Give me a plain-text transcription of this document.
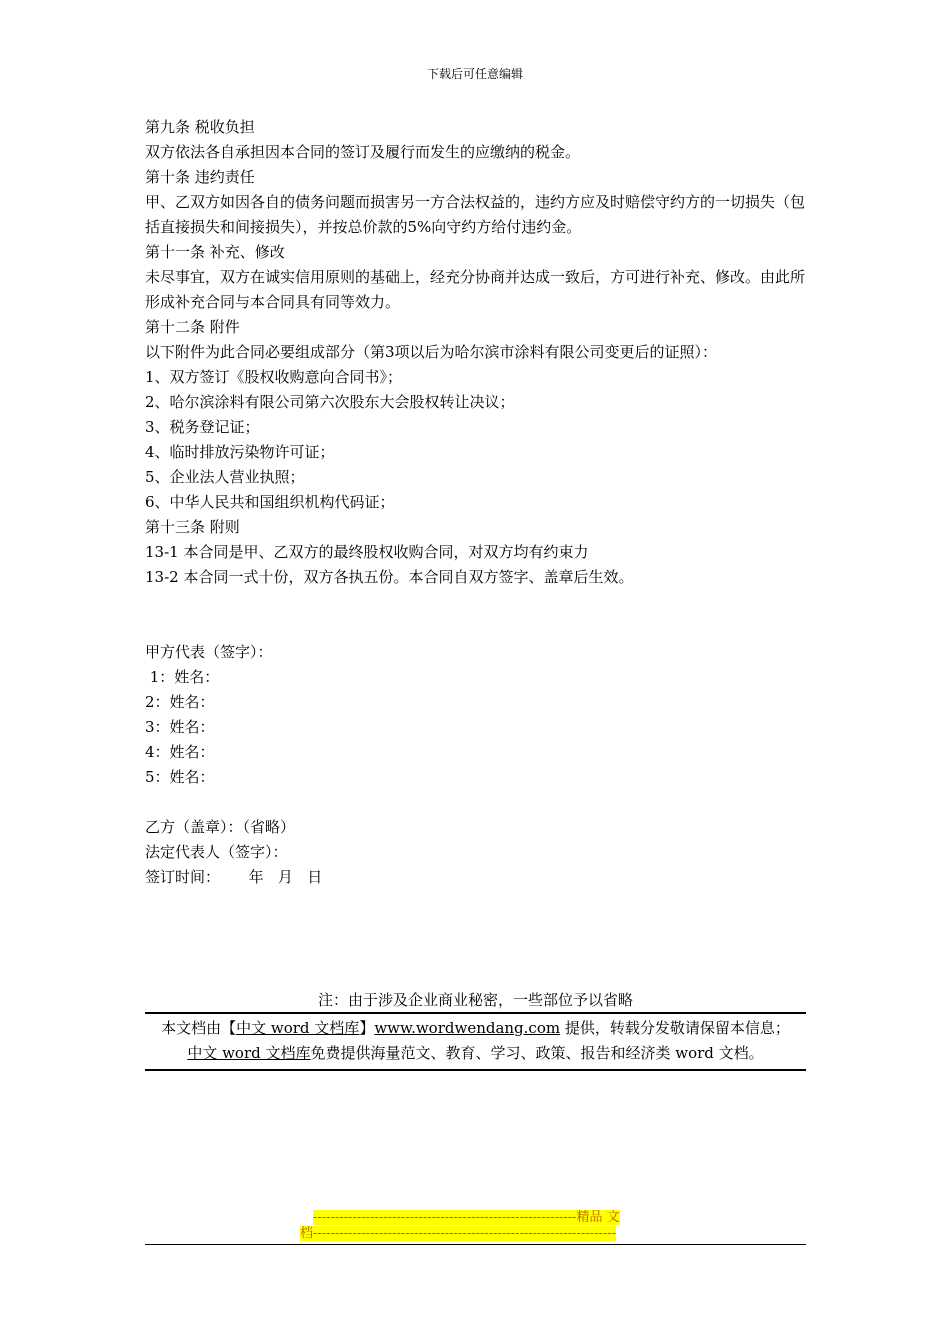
下载后可任意编辑

第九条 税收负担

双方依法各自承担因本合同的签订及履行而发生的应缴纳的税金。

第十条 违约责任

甲、乙双方如因各自的债务问题而损害另一方合法权益的，违约方应及时赔偿守约方的一切损失（包括直接损失和间接损失），并按总价款的5%向守约方给付违约金。

第十一条 补充、修改

未尽事宜，双方在诚实信用原则的基础上，经充分协商并达成一致后，方可进行补充、修改。由此所形成补充合同与本合同具有同等效力。

第十二条 附件

以下附件为此合同必要组成部分（第3项以后为哈尔滨市涂料有限公司变更后的证照）：

1、双方签订《股权收购意向合同书》；

2、哈尔滨涂料有限公司第六次股东大会股权转让决议；

3、税务登记证；

4、临时排放污染物许可证；

5、企业法人营业执照；

6、中华人民共和国组织机构代码证；

第十三条 附则

13-1 本合同是甲、乙双方的最终股权收购合同，对双方均有约束力

13-2 本合同一式十份，双方各执五份。本合同自双方签字、盖章后生效。

甲方代表（签字）：

1：姓名：

2：姓名：

3：姓名：

4：姓名：

5：姓名：

乙方（盖章）：（省略）

法定代表人（签字）：

签订时间：      年   月   日

注：由于涉及企业商业秘密，一些部位予以省略
本文档由【中文 word 文档库】www.wordwendang.com 提供，转载分发敬请保留本信息；
中文 word 文档库免费提供海量范文、教育、学习、政策、报告和经济类 word 文档。
------------------------------------------------------------精品 文
档---------------------------------------------------------------------
